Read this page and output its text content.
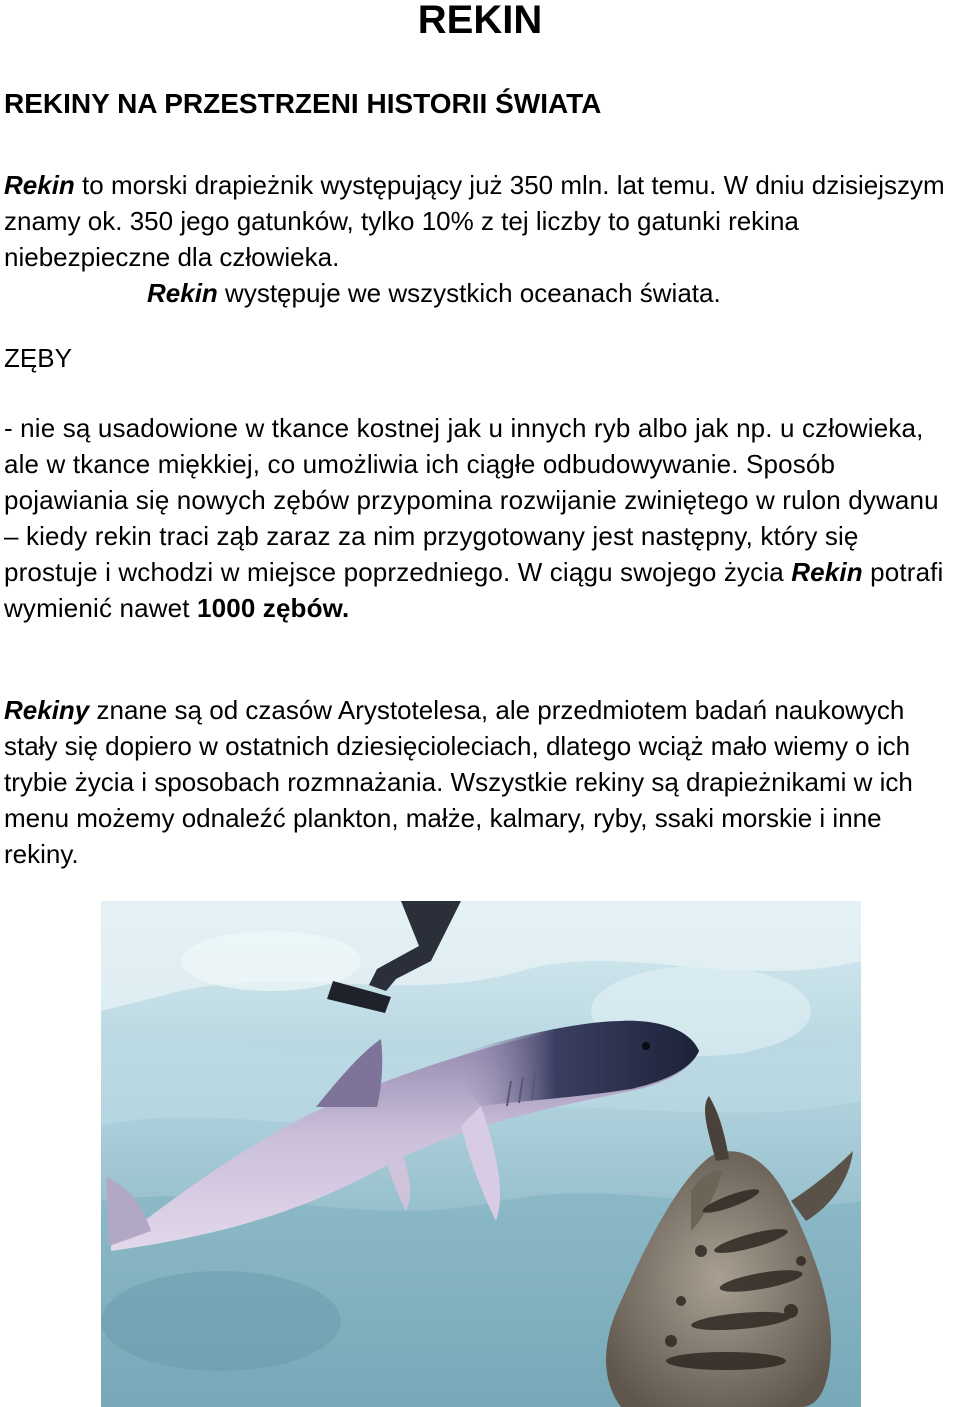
REKIN
REKINY NA PRZESTRZENI HISTORII ŚWIATA

Rekin to morski drapieżnik występujący już 350 mln. lat temu. W dniu dzisiejszym znamy ok. 350 jego gatunków, tylko 10% z tej liczby to gatunki rekina niebezpieczne dla człowieka.
Rekin występuje we wszystkich oceanach świata.

ZĘBY

- nie są usadowione w tkance kostnej jak u innych ryb albo jak np. u człowieka, ale w tkance miękkiej, co umożliwia ich ciągłe odbudowywanie. Sposób pojawiania się nowych zębów przypomina rozwijanie zwiniętego w rulon dywanu – kiedy rekin traci ząb zaraz za nim przygotowany jest następny, który się prostuje i wchodzi w miejsce poprzedniego. W ciągu swojego życia Rekin potrafi wymienić nawet 1000 zębów.

Rekiny znane są od czasów Arystotelesa, ale przedmiotem badań naukowych stały się dopiero w ostatnich dziesięcioleciach, dlatego wciąż mało wiemy o ich trybie życia i sposobach rozmnażania. Wszystkie rekiny są drapieżnikami w ich menu możemy odnaleźć plankton, małże, kalmary, ryby, ssaki morskie i inne rekiny.
